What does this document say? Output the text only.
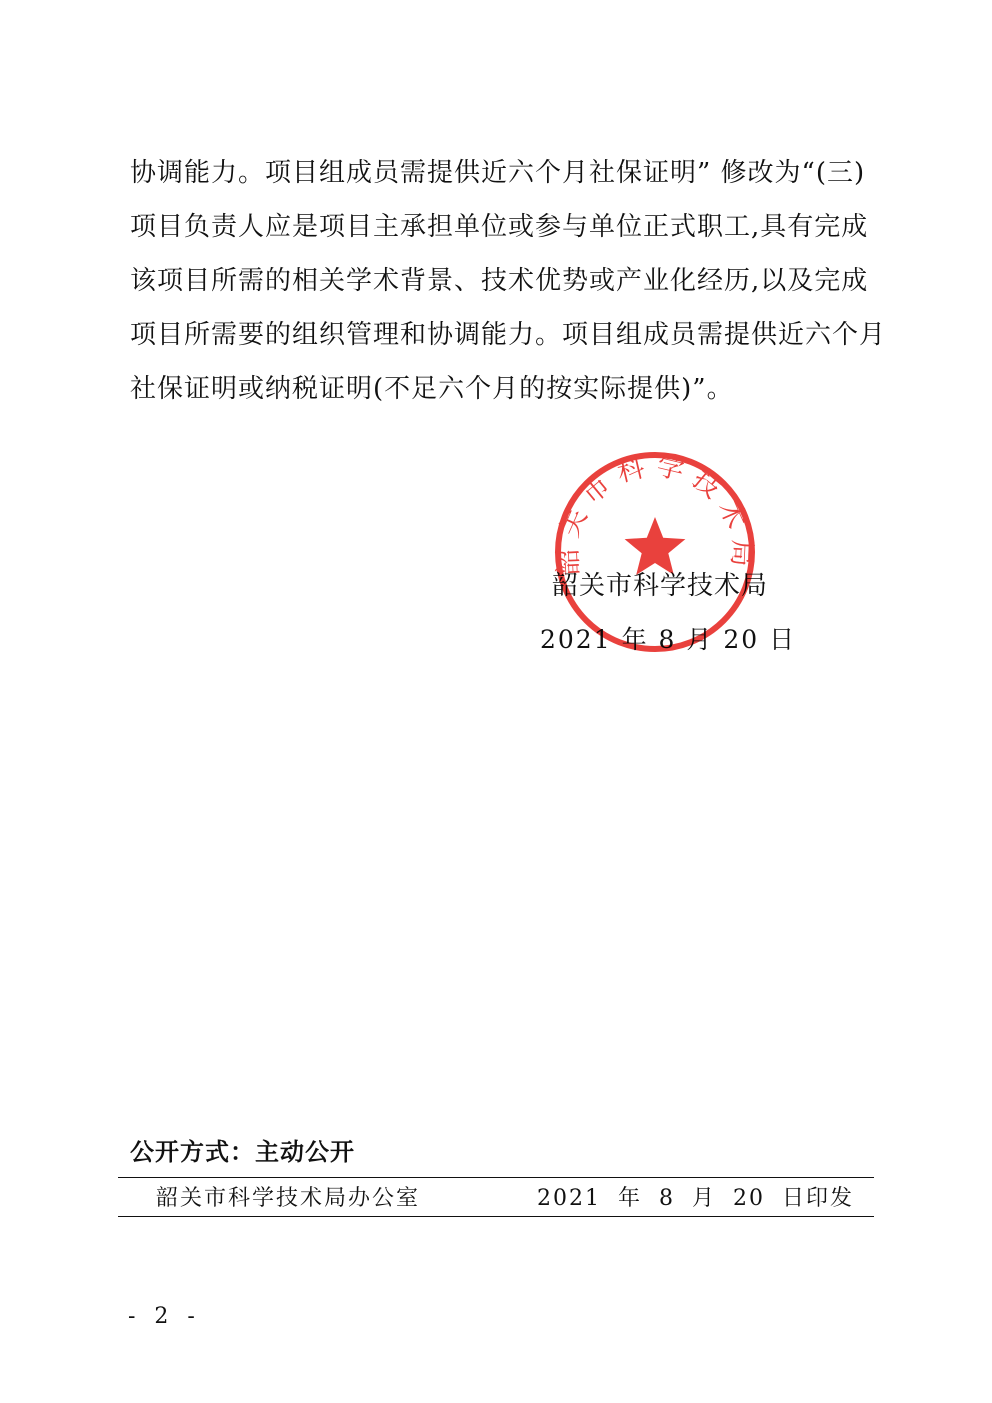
协调能力。项目组成员需提供近六个月社保证明” 修改为“(三)
项目负责人应是项目主承担单位或参与单位正式职工,具有完成
该项目所需的相关学术背景、技术优势或产业化经历,以及完成
项目所需要的组织管理和协调能力。项目组成员需提供近六个月
社保证明或纳税证明(不足六个月的按实际提供)”。
韶关市科学技术局
2021 年 8 月 20 日
韶关市科学技术局
公开方式：主动公开
韶关市科学技术局办公室	2021 年 8 月 20 日印发
- 2 -
